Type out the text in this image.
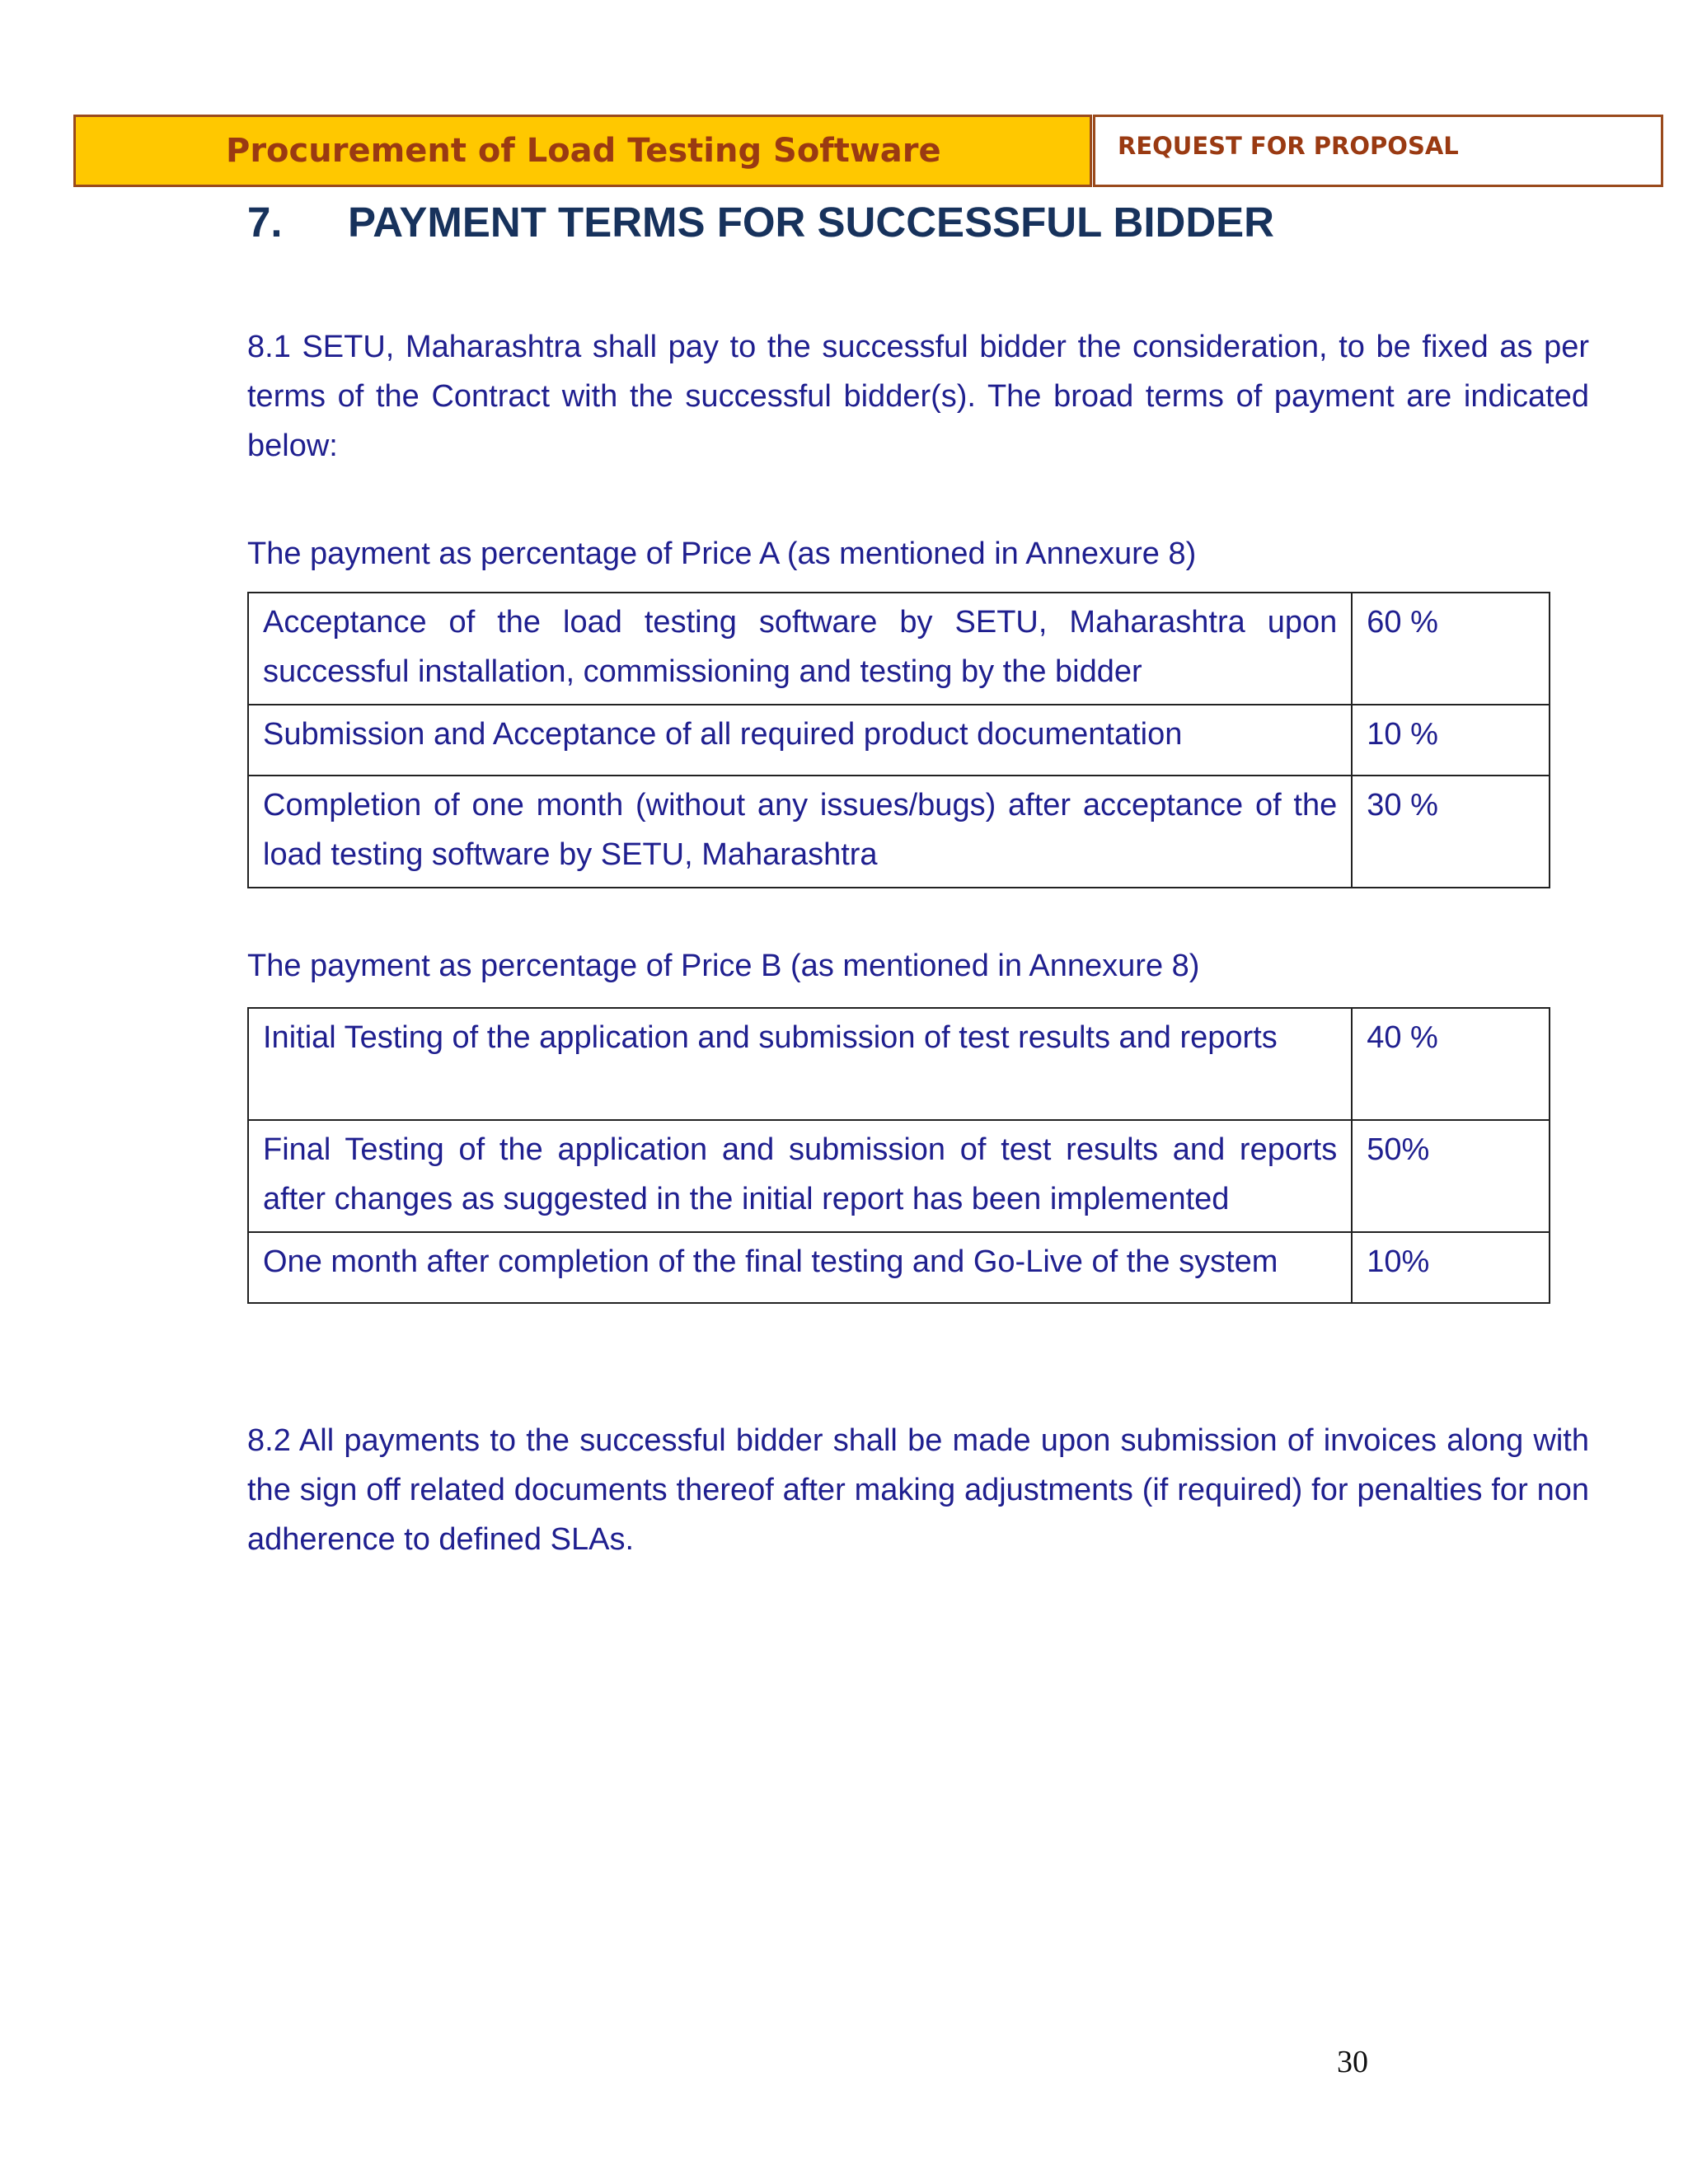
Procurement of Load Testing Software	REQUEST FOR PROPOSAL
7. PAYMENT TERMS FOR SUCCESSFUL BIDDER
8.1 SETU, Maharashtra shall pay to the successful bidder the consideration, to be fixed as per terms of the Contract with the successful bidder(s). The broad terms of payment are indicated below:
The payment as percentage of Price A (as mentioned in Annexure 8)
Acceptance of the load testing software by SETU, Maharashtra upon successful installation, commissioning and testing by the bidder	60 %
Submission and Acceptance of all required product documentation	10 %
Completion of one month (without any issues/bugs) after acceptance of the load testing software by SETU, Maharashtra	30 %
The payment as percentage of Price B (as mentioned in Annexure 8)
Initial Testing of the application and submission of test results and reports	40 %
Final Testing of the application and submission of test results and reports after changes as suggested in the initial report has been implemented	50%
One month after completion of the final testing and Go-Live of the system	10%
8.2 All payments to the successful bidder shall be made upon submission of invoices along with the sign off related documents thereof after making adjustments (if required) for penalties for non adherence to defined SLAs.
30
